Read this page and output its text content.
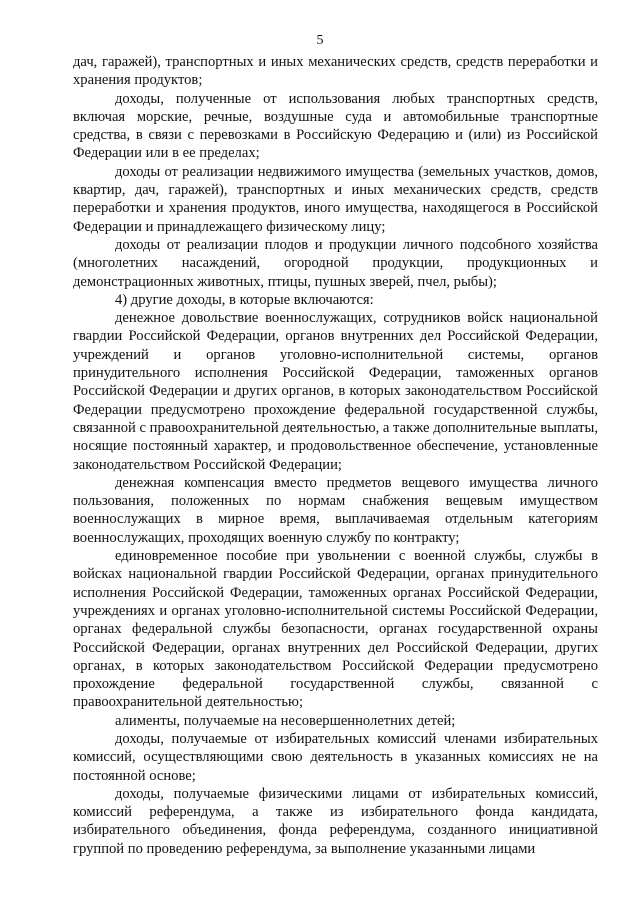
5

дач, гаражей), транспортных и иных механических средств, средств переработки и хранения продуктов;

доходы, полученные от использования любых транспортных средств, включая морские, речные, воздушные суда и автомобильные транспортные средства, в связи с перевозками в Российскую Федерацию и (или) из Российской Федерации или в ее пределах;

доходы от реализации недвижимого имущества (земельных участков, домов, квартир, дач, гаражей), транспортных и иных механических средств, средств переработки и хранения продуктов, иного имущества, находящегося в Российской Федерации и принадлежащего физическому лицу;

доходы от реализации плодов и продукции личного подсобного хозяйства (многолетних насаждений, огородной продукции, продукционных и демонстрационных животных, птицы, пушных зверей, пчел, рыбы);

4) другие доходы, в которые включаются:

денежное довольствие военнослужащих, сотрудников войск национальной гвардии Российской Федерации, органов внутренних дел Российской Федерации, учреждений и органов уголовно-исполнительной системы, органов принудительного исполнения Российской Федерации, таможенных органов Российской Федерации и других органов, в которых законодательством Российской Федерации предусмотрено прохождение федеральной государственной службы, связанной с правоохранительной деятельностью, а также дополнительные выплаты, носящие постоянный характер, и продовольственное обеспечение, установленные законодательством Российской Федерации;

денежная компенсация вместо предметов вещевого имущества личного пользования, положенных по нормам снабжения вещевым имуществом военнослужащих в мирное время, выплачиваемая отдельным категориям военнослужащих, проходящих военную службу по контракту;

единовременное пособие при увольнении с военной службы, службы в войсках национальной гвардии Российской Федерации, органах принудительного исполнения Российской Федерации, таможенных органах Российской Федерации, учреждениях и органах уголовно-исполнительной системы Российской Федерации, органах федеральной службы безопасности, органах государственной охраны Российской Федерации, органах внутренних дел Российской Федерации, других органах, в которых законодательством Российской Федерации предусмотрено прохождение федеральной государственной службы, связанной с правоохранительной деятельностью;

алименты, получаемые на несовершеннолетних детей;

доходы, получаемые от избирательных комиссий членами избирательных комиссий, осуществляющими свою деятельность в указанных комиссиях не на постоянной основе;

доходы, получаемые физическими лицами от избирательных комиссий, комиссий референдума, а также из избирательного фонда кандидата, избирательного объединения, фонда референдума, созданного инициативной группой по проведению референдума, за выполнение указанными лицами
